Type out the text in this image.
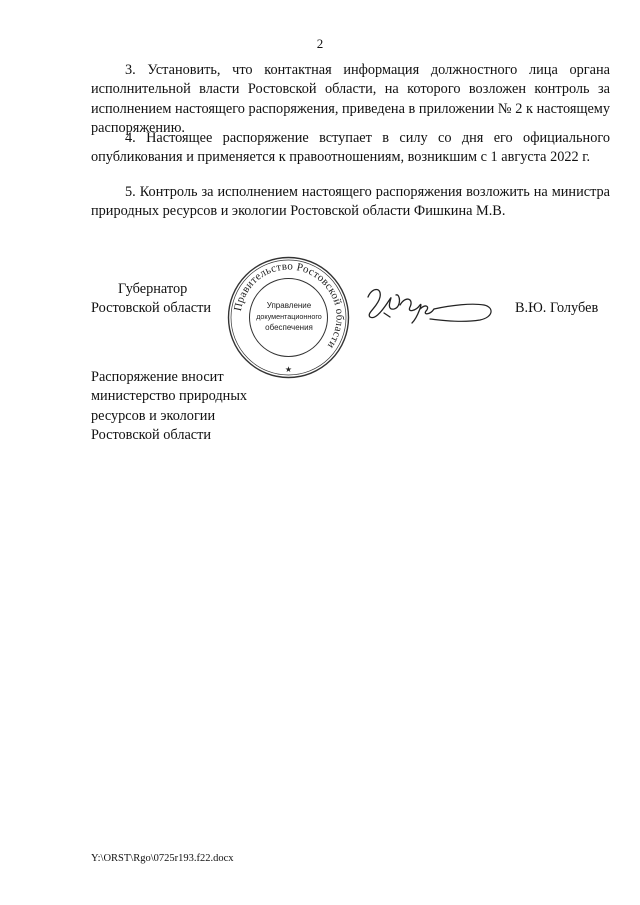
2

3. Установить, что контактная информация должностного лица органа исполнительной власти Ростовской области, на которого возложен контроль за исполнением настоящего распоряжения, приведена в приложении № 2 к настоящему распоряжению.

4. Настоящее распоряжение вступает в силу со дня его официального опубликования и применяется к правоотношениям, возникшим с 1 августа 2022 г.

5. Контроль за исполнением настоящего распоряжения возложить на министра природных ресурсов и экологии Ростовской области Фишкина М.В.

Губернатор
Ростовской области Правительство Ростовской области
Управление
документационного
обеспечения
★
В.Ю. Голубев
Распоряжение вносит
министерство природных
ресурсов и экологии
Ростовской области
Y:\ORST\Rgo\0725r193.f22.docx
